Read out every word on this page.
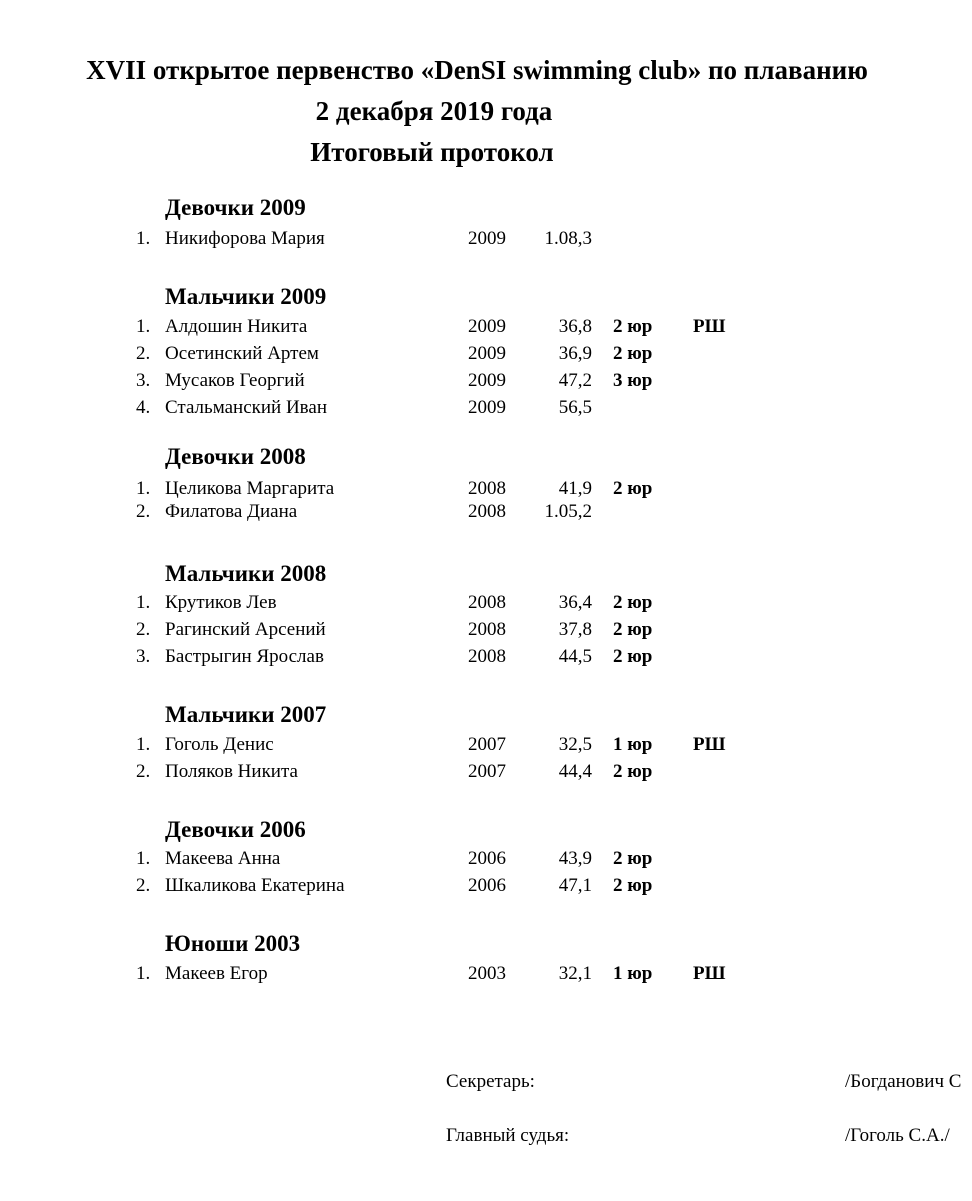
XVII открытое первенство «DenSI swimming club» по плаванию
2 декабря 2019 года
Итоговый протокол
Девочки 2009
1. Никифорова Мария	2009	1.08,3
Мальчики 2009
1. Алдошин Никита	2009	36,8 2 юр РШ
2. Осетинский Артем	2009	36,9 2 юр
3. Мусаков Георгий	2009	47,2 3 юр
4. Стальманский Иван	2009	56,5
Девочки 2008
1. Целикова Маргарита	2008	41,9 2 юр
2. Филатова Диана	2008	1.05,2
Мальчики 2008
1. Крутиков Лев	2008	36,4 2 юр
2. Рагинский Арсений	2008	37,8 2 юр
3. Бастрыгин Ярослав	2008	44,5 2 юр
Мальчики 2007
1. Гоголь Денис	2007	32,5 1 юр РШ
2. Поляков Никита	2007	44,4 2 юр
Девочки 2006
1. Макеева Анна	2006	43,9 2 юр
2. Шкаликова Екатерина	2006	47,1 2 юр
Юноши 2003
1. Макеев Егор	2003	32,1 1 юр РШ
Секретарь:	/Богданович С
Главный судья:	/Гоголь С.А./
